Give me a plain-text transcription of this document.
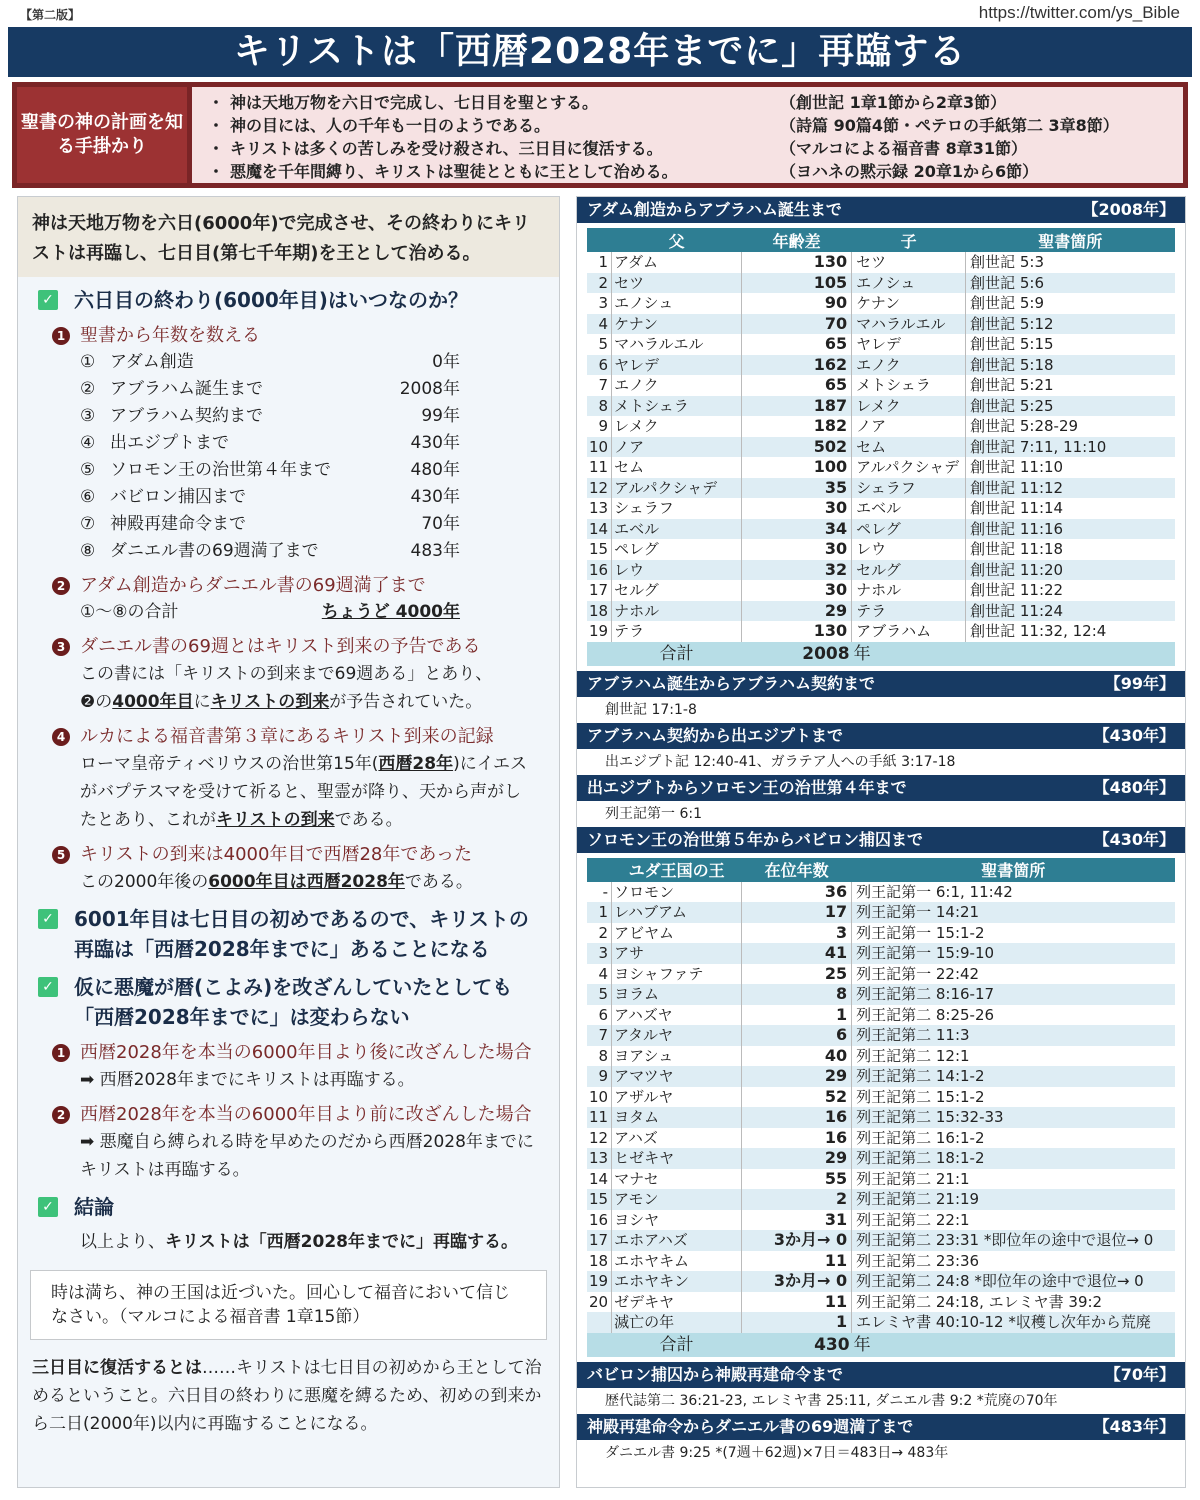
【第二版】	https://twitter.com/ys_Bible
キリストは「西暦2028年までに」再臨する
聖書の神の計画を知る手掛かり
・ 神は天地万物を六日で完成し、七日目を聖とする。	（創世記 1章1節から2章3節）
・ 神の目には、人の千年も一日のようである。	（詩篇 90篇4節・ペテロの手紙第二 3章8節）
・ キリストは多くの苦しみを受け殺され、三日目に復活する。	（マルコによる福音書 8章31節）
・ 悪魔を千年間縛り、キリストは聖徒とともに王として治める。	（ヨハネの黙示録 20章1から6節）
神は天地万物を六日(6000年)で完成させ、その終わりにキリストは再臨し、七日目(第七千年期)を王として治める。
✓ 六日目の終わり(6000年目)はいつなのか？
1 聖書から年数を数える
① アダム創造	0年
② アブラハム誕生まで	2008年
③ アブラハム契約まで	99年
④ 出エジプトまで	430年
⑤ ソロモン王の治世第４年まで	480年
⑥ バビロン捕囚まで	430年
⑦ 神殿再建命令まで	70年
⑧ ダニエル書の69週満了まで	483年
2 アダム創造からダニエル書の69週満了まで
①～⑧の合計	ちょうど 4000年
3 ダニエル書の69週とはキリスト到来の予告である
この書には「キリストの到来まで69週ある」とあり、
❷の4000年目にキリストの到来が予告されていた。
4 ルカによる福音書第３章にあるキリスト到来の記録
ローマ皇帝ティベリウスの治世第15年(西暦28年)にイエスがバプテスマを受けて祈ると、聖霊が降り、天から声がしたとあり、これがキリストの到来である。
5 キリストの到来は4000年目で西暦28年であった
この2000年後の6000年目は西暦2028年である。
✓ 6001年目は七日目の初めであるので、キリストの再臨は「西暦2028年までに」あることになる
✓ 仮に悪魔が暦(こよみ)を改ざんしていたとしても「西暦2028年までに」は変わらない
1 西暦2028年を本当の6000年目より後に改ざんした場合
➡ 西暦2028年までにキリストは再臨する。
2 西暦2028年を本当の6000年目より前に改ざんした場合
➡ 悪魔自ら縛られる時を早めたのだから西暦2028年までにキリストは再臨する。
✓ 結論
以上より、キリストは「西暦2028年までに」再臨する。
時は満ち、神の王国は近づいた。回心して福音において信じなさい。（マルコによる福音書 1章15節）
三日目に復活するとは……キリストは七日目の初めから王として治めるということ。六日目の終わりに悪魔を縛るため、初めの到来から二日(2000年)以内に再臨することになる。
アダム創造からアブラハム誕生まで	【2008年】
	父	年齢差	子	聖書箇所
1	アダム	130	セツ	創世記 5:3
2	セツ	105	エノシュ	創世記 5:6
3	エノシュ	90	ケナン	創世記 5:9
4	ケナン	70	マハラルエル	創世記 5:12
5	マハラルエル	65	ヤレデ	創世記 5:15
6	ヤレデ	162	エノク	創世記 5:18
7	エノク	65	メトシェラ	創世記 5:21
8	メトシェラ	187	レメク	創世記 5:25
9	レメク	182	ノア	創世記 5:28-29
10	ノア	502	セム	創世記 7:11, 11:10
11	セム	100	アルパクシャデ	創世記 11:10
12	アルパクシャデ	35	シェラフ	創世記 11:12
13	シェラフ	30	エベル	創世記 11:14
14	エベル	34	ペレグ	創世記 11:16
15	ペレグ	30	レウ	創世記 11:18
16	レウ	32	セルグ	創世記 11:20
17	セルグ	30	ナホル	創世記 11:22
18	ナホル	29	テラ	創世記 11:24
19	テラ	130	アブラハム	創世記 11:32, 12:4
	合計	2008	年	
アブラハム誕生からアブラハム契約まで	【99年】
創世記 17:1-8
アブラハム契約から出エジプトまで	【430年】
出エジプト記 12:40-41、ガラテア人への手紙 3:17-18
出エジプトからソロモン王の治世第４年まで	【480年】
列王記第一 6:1
ソロモン王の治世第５年からバビロン捕囚まで	【430年】
	ユダ王国の王	在位年数	聖書箇所
-	ソロモン	36	列王記第一 6:1, 11:42
1	レハブアム	17	列王記第一 14:21
2	アビヤム	3	列王記第一 15:1-2
3	アサ	41	列王記第一 15:9-10
4	ヨシャファテ	25	列王記第一 22:42
5	ヨラム	8	列王記第二 8:16-17
6	アハズヤ	1	列王記第二 8:25-26
7	アタルヤ	6	列王記第二 11:3
8	ヨアシュ	40	列王記第二 12:1
9	アマツヤ	29	列王記第二 14:1-2
10	アザルヤ	52	列王記第二 15:1-2
11	ヨタム	16	列王記第二 15:32-33
12	アハズ	16	列王記第二 16:1-2
13	ヒゼキヤ	29	列王記第二 18:1-2
14	マナセ	55	列王記第二 21:1
15	アモン	2	列王記第二 21:19
16	ヨシヤ	31	列王記第二 22:1
17	エホアハズ	3か月→ 0	列王記第二 23:31 *即位年の途中で退位→ 0
18	エホヤキム	11	列王記第二 23:36
19	エホヤキン	3か月→ 0	列王記第二 24:8 *即位年の途中で退位→ 0
20	ゼデキヤ	11	列王記第二 24:18, エレミヤ書 39:2
	滅亡の年	1	エレミヤ書 40:10-12 *収穫し次年から荒廃
	合計	430	年
バビロン捕囚から神殿再建命令まで	【70年】
歴代誌第二 36:21-23, エレミヤ書 25:11, ダニエル書 9:2 *荒廃の70年
神殿再建命令からダニエル書の69週満了まで	【483年】
ダニエル書 9:25 *(7週＋62週)×7日＝483日→ 483年
